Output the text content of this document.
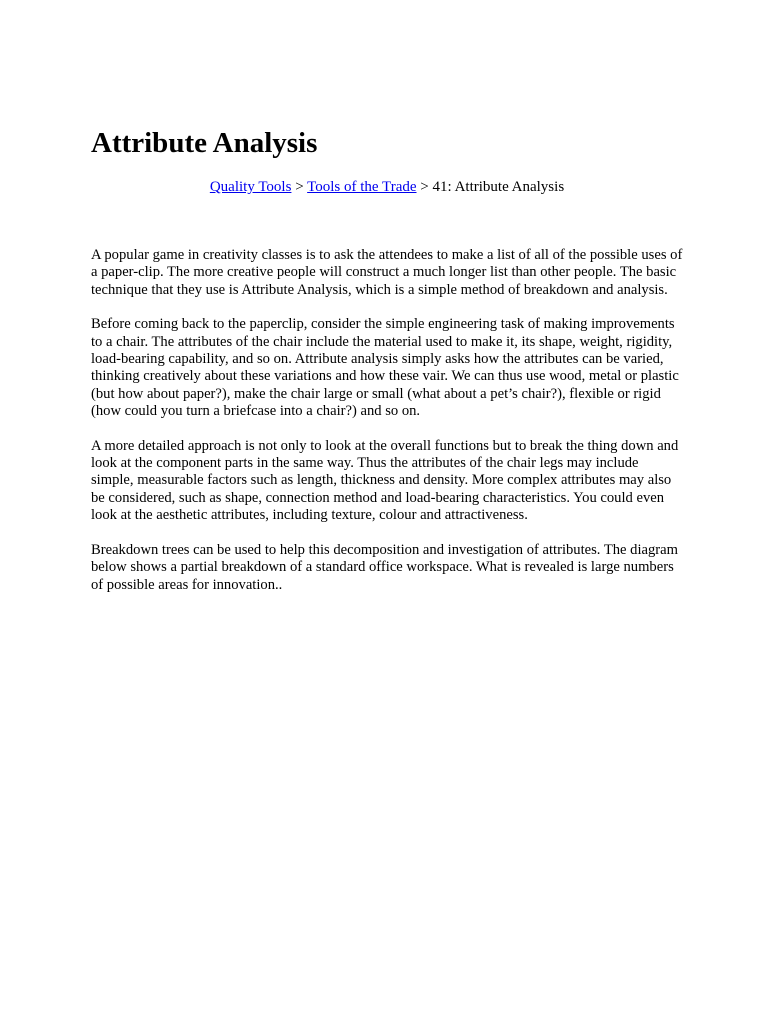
Attribute Analysis
Quality Tools > Tools of the Trade > 41: Attribute Analysis

A popular game in creativity classes is to ask the attendees to make a list of all of the possible uses of a paper-clip. The more creative people will construct a much longer list than other people. The basic technique that they use is Attribute Analysis, which is a simple method of breakdown and analysis.

Before coming back to the paperclip, consider the simple engineering task of making improvements to a chair. The attributes of the chair include the material used to make it, its shape, weight, rigidity, load-bearing capability, and so on. Attribute analysis simply asks how the attributes can be varied, thinking creatively about these variations and how these vair. We can thus use wood, metal or plastic (but how about paper?), make the chair large or small (what about a pet’s chair?), flexible or rigid (how could you turn a briefcase into a chair?) and so on.

A more detailed approach is not only to look at the overall functions but to break the thing down and look at the component parts in the same way. Thus the attributes of the chair legs may include simple, measurable factors such as length, thickness and density. More complex attributes may also be considered, such as shape, connection method and load-bearing characteristics. You could even look at the aesthetic attributes, including texture, colour and attractiveness.

Breakdown trees can be used to help this decomposition and investigation of attributes. The diagram below shows a partial breakdown of a standard office workspace. What is revealed is large numbers of possible areas for innovation..
